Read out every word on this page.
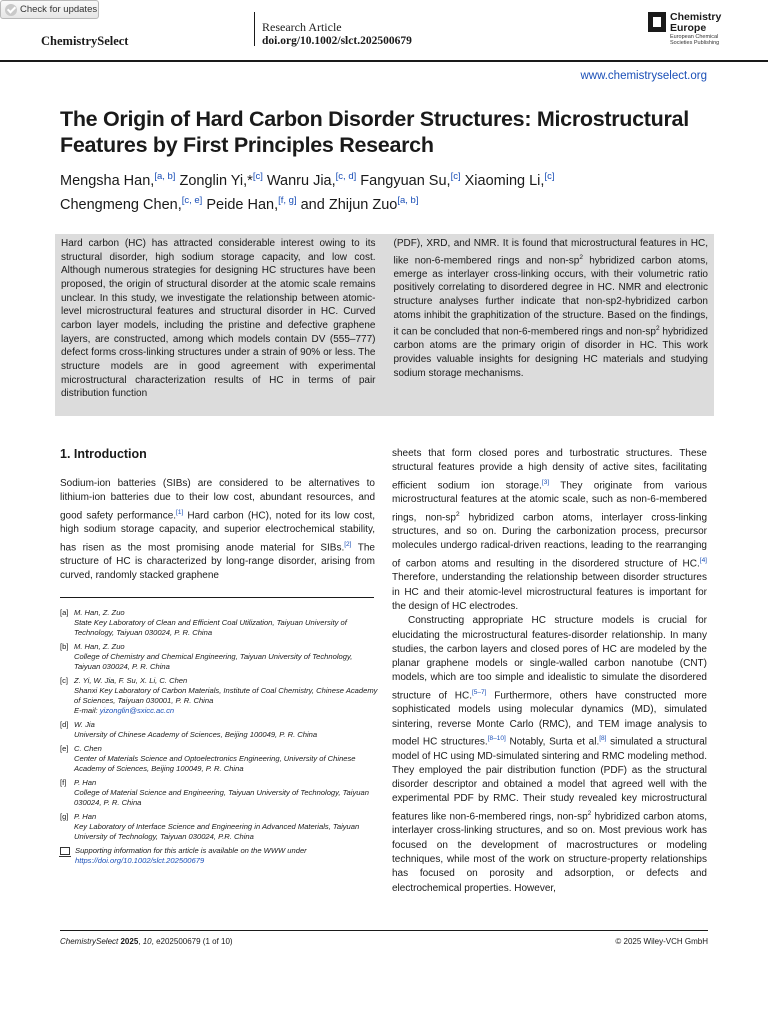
Check for updates
ChemistrySelect
Research Article
doi.org/10.1002/slct.202500679
Chemistry
Europe
European Chemical Societies Publishing
www.chemistryselect.org
The Origin of Hard Carbon Disorder Structures: Microstructural Features by First Principles Research
Mengsha Han,[a, b] Zonglin Yi,*[c] Wanru Jia,[c, d] Fangyuan Su,[c] Xiaoming Li,[c]
Chengmeng Chen,[c, e] Peide Han,[f, g] and Zhijun Zuo[a, b]

Hard carbon (HC) has attracted considerable interest owing to its structural disorder, high sodium storage capacity, and low cost. Although numerous strategies for designing HC structures have been proposed, the origin of structural disorder at the atomic scale remains unclear. In this study, we investigate the relationship between atomic-level microstructural features and structural disorder in HC. Curved carbon layer models, including the pristine and defective graphene layers, are constructed, among which models contain DV (555–777) defect forms cross-linking structures under a strain of 90% or less. The structure models are in good agreement with experimental microstructural characterization results of HC in terms of pair distribution function

(PDF), XRD, and NMR. It is found that microstructural features in HC, like non-6-membered rings and non-$sp^2$ hybridized carbon atoms, emerge as interlayer cross-linking occurs, with their volumetric ratio positively correlating to disordered degree in HC. NMR and electronic structure analyses further indicate that non-sp2-hybridized carbon atoms inhibit the graphitization of the structure. Based on the findings, it can be concluded that non-6-membered rings and non-$sp^2$ hybridized carbon atoms are the primary origin of disorder in HC. This work provides valuable insights for designing HC materials and studying sodium storage mechanisms.

1. Introduction

Sodium-ion batteries (SIBs) are considered to be alternatives to lithium-ion batteries due to their low cost, abundant resources, and good safety performance.[1] Hard carbon (HC), noted for its low cost, high sodium storage capacity, and superior electrochemical stability, has risen as the most promising anode material for SIBs.[2] The structure of HC is characterized by long-range disorder, arising from curved, randomly stacked graphene

sheets that form closed pores and turbostratic structures. These structural features provide a high density of active sites, facilitating efficient sodium ion storage.[3] They originate from various microstructural features at the atomic scale, such as non-6-membered rings, non-$sp^2$ hybridized carbon atoms, interlayer cross-linking structures, and so on. During the carbonization process, precursor molecules undergo radical-driven reactions, leading to the rearranging of carbon atoms and resulting in the disordered structure of HC.[4] Therefore, understanding the relationship between disorder structures in HC and their atomic-level microstructural features is important for the design of HC electrodes.

Constructing appropriate HC structure models is crucial for elucidating the microstructural features-disorder relationship. In many studies, the carbon layers and closed pores of HC are modeled by the planar graphene models or single-walled carbon nanotube (CNT) models, which are too simple and idealistic to simulate the disordered structure of HC.[5–7] Furthermore, others have constructed more sophisticated models using molecular dynamics (MD), simulated sintering, reverse Monte Carlo (RMC), and TEM image analysis to model HC structures.[8–10] Notably, Surta et al.[8] simulated a structural model of HC using MD-simulated sintering and RMC modeling method. They employed the pair distribution function (PDF) as the structural disorder descriptor and obtained a model that agreed well with the experimental PDF by RMC. Their study revealed key microstructural features like non-6-membered rings, non-$sp^2$ hybridized carbon atoms, interlayer cross-linking structures, and so on. Most previous work has focused on the development of macrostructures or modeling techniques, while most of the work on structure-property relationships has focused on porosity and adsorption, or defects and electrochemical properties. However,

[a] M. Han, Z. Zuo
State Key Laboratory of Clean and Efficient Coal Utilization, Taiyuan University of Technology, Taiyuan 030024, P. R. China
[b] M. Han, Z. Zuo
College of Chemistry and Chemical Engineering, Taiyuan University of Technology, Taiyuan 030024, P. R. China
[c] Z. Yi, W. Jia, F. Su, X. Li, C. Chen
Shanxi Key Laboratory of Carbon Materials, Institute of Coal Chemistry, Chinese Academy of Sciences, Taiyuan 030001, P. R. China
E-mail: yizonglin@sxicc.ac.cn
[d] W. Jia
University of Chinese Academy of Sciences, Beijing 100049, P. R. China
[e] C. Chen
Center of Materials Science and Optoelectronics Engineering, University of Chinese Academy of Sciences, Beijing 100049, P. R. China
[f]	P. Han
College of Material Science and Engineering, Taiyuan University of Technology, Taiyuan 030024, P. R. China
[g] P. Han
Key Laboratory of Interface Science and Engineering in Advanced Materials, Taiyuan University of Technology, Taiyuan 030024, P.R. China
Supporting information for this article is available on the WWW under
https://doi.org/10.1002/slct.202500679
ChemistrySelect 2025, 10, e202500679 (1 of 10)	© 2025 Wiley-VCH GmbH
